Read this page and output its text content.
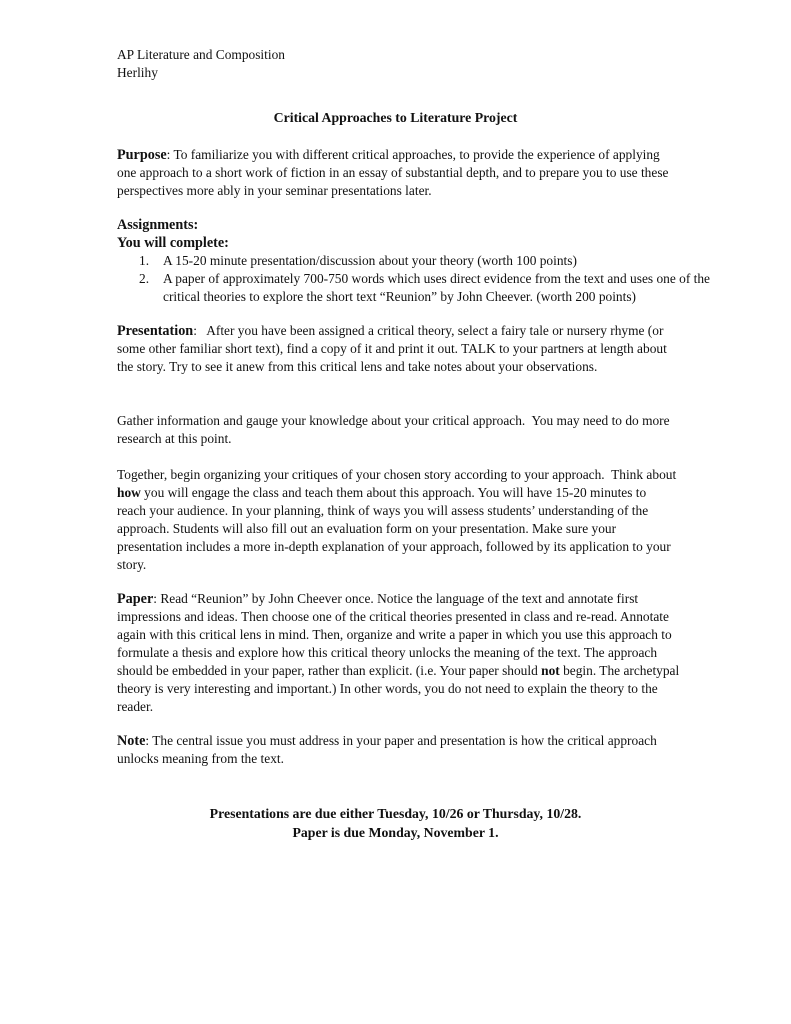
AP Literature and Composition
Herlihy
Critical Approaches to Literature Project
Purpose: To familiarize you with different critical approaches, to provide the experience of applying one approach to a short work of fiction in an essay of substantial depth, and to prepare you to use these perspectives more ably in your seminar presentations later.
Assignments:
You will complete:
1. A 15-20 minute presentation/discussion about your theory (worth 100 points)
2. A paper of approximately 700-750 words which uses direct evidence from the text and uses one of the critical theories to explore the short text “Reunion” by John Cheever. (worth 200 points)
Presentation:   After you have been assigned a critical theory, select a fairy tale or nursery rhyme (or some other familiar short text), find a copy of it and print it out. TALK to your partners at length about the story. Try to see it anew from this critical lens and take notes about your observations.
Gather information and gauge your knowledge about your critical approach.  You may need to do more research at this point.
Together, begin organizing your critiques of your chosen story according to your approach.  Think about how you will engage the class and teach them about this approach. You will have 15-20 minutes to reach your audience. In your planning, think of ways you will assess students’ understanding of the approach. Students will also fill out an evaluation form on your presentation. Make sure your presentation includes a more in-depth explanation of your approach, followed by its application to your story.
Paper: Read “Reunion” by John Cheever once. Notice the language of the text and annotate first impressions and ideas. Then choose one of the critical theories presented in class and re-read. Annotate again with this critical lens in mind. Then, organize and write a paper in which you use this approach to formulate a thesis and explore how this critical theory unlocks the meaning of the text. The approach should be embedded in your paper, rather than explicit. (i.e. Your paper should not begin. The archetypal theory is very interesting and important.) In other words, you do not need to explain the theory to the reader.
Note: The central issue you must address in your paper and presentation is how the critical approach unlocks meaning from the text.
Presentations are due either Tuesday, 10/26 or Thursday, 10/28.
Paper is due Monday, November 1.
